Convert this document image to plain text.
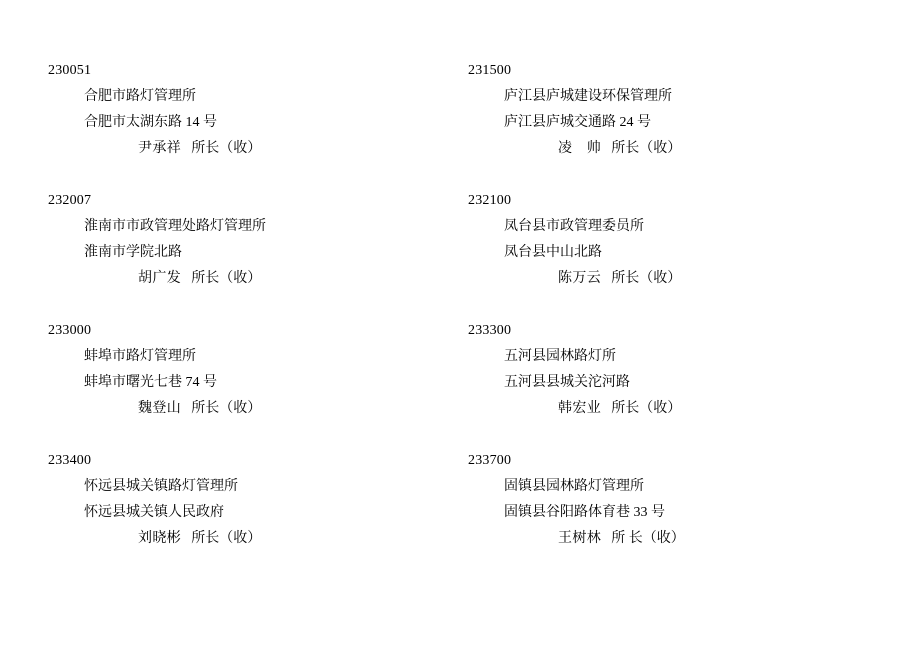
230051
合肥市路灯管理所
合肥市太湖东路 14 号
尹承祥 所长（收）
232007
淮南市市政管理处路灯管理所
淮南市学院北路
胡广发 所长（收）
233000
蚌埠市路灯管理所
蚌埠市曙光七巷 74 号
魏登山 所长（收）
233400
怀远县城关镇路灯管理所
怀远县城关镇人民政府
刘晓彬 所长（收）
231500
庐江县庐城建设环保管理所
庐江县庐城交通路 24 号
凌　帅 所长（收）
232100
凤台县市政管理委员所
凤台县中山北路
陈万云 所长（收）
233300
五河县园林路灯所
五河县县城关沱河路
韩宏业 所长（收）
233700
固镇县园林路灯管理所
固镇县谷阳路体育巷 33 号
王树林 所 长（收）
